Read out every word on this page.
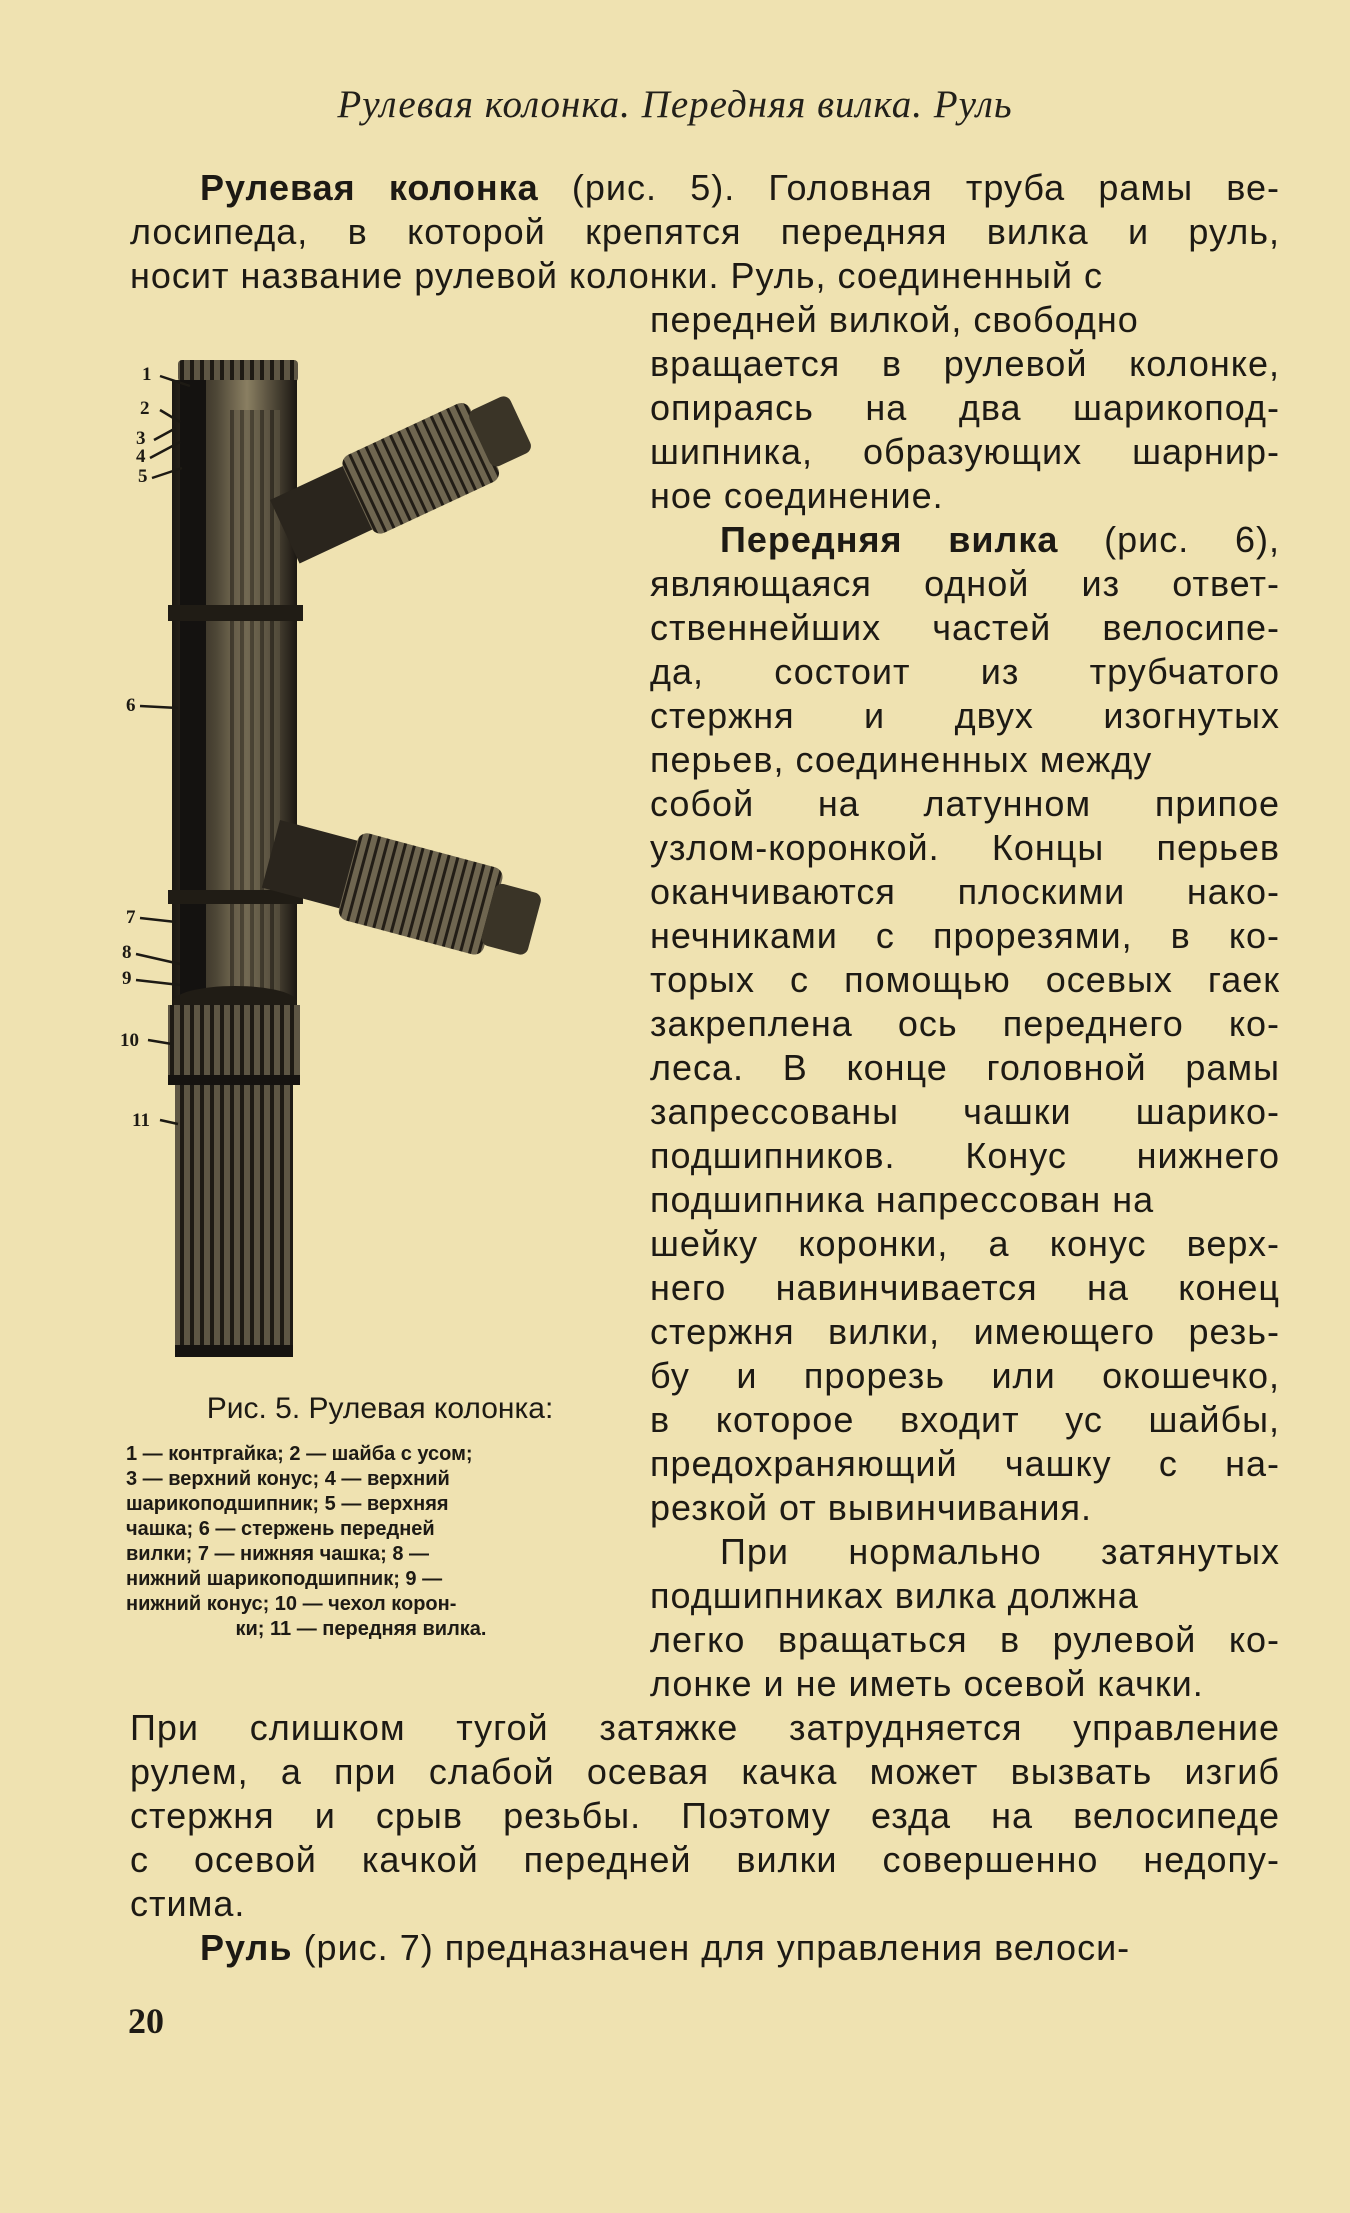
Рулевая колонка. Передняя вилка. Руль
Рулевая колонка (рис. 5). Головная труба рамы ве-
лосипеда, в которой крепятся передняя вилка и руль,
носит название рулевой колонки. Руль, соединенный с
передней вилкой, свободно
вращается в рулевой колонке,
опираясь на два шарикопод-
шипника, образующих шарнир-
ное соединение.
Передняя вилка (рис. 6),
являющаяся одной из ответ-
ственнейших частей велосипе-
да, состоит из трубчатого
стержня и двух изогнутых
перьев, соединенных между
собой на латунном припое
узлом-коронкой. Концы перьев
оканчиваются плоскими нако-
нечниками с прорезями, в ко-
торых с помощью осевых гаек
закреплена ось переднего ко-
леса. В конце головной рамы
запрессованы чашки шарико-
подшипников. Конус нижнего
подшипника напрессован на
шейку коронки, а конус верх-
него навинчивается на конец
стержня вилки, имеющего резь-
бу и прорезь или окошечко,
в которое входит ус шайбы,
предохраняющий чашку с на-
резкой от вывинчивания.
При нормально затянутых
подшипниках вилка должна
легко вращаться в рулевой ко-
лонке и не иметь осевой качки.
При слишком тугой затяжке затрудняется управление
рулем, а при слабой осевая качка может вызвать изгиб
стержня и срыв резьбы. Поэтому езда на велосипеде
с осевой качкой передней вилки совершенно недопу-
стима.
Руль (рис. 7) предназначен для управления велоси-
1
2
3
4
5
6
7
8
9
10
11
Рис. 5. Рулевая колонка:
1 — контргайка; 2 — шайба с усом;
3 — верхний конус; 4 — верхний
шарикоподшипник; 5 — верхняя
чашка; 6 — стержень передней
вилки; 7 — нижняя чашка; 8 —
нижний шарикоподшипник; 9 —
нижний конус; 10 — чехол корон-
ки; 11 — передняя вилка.
20
